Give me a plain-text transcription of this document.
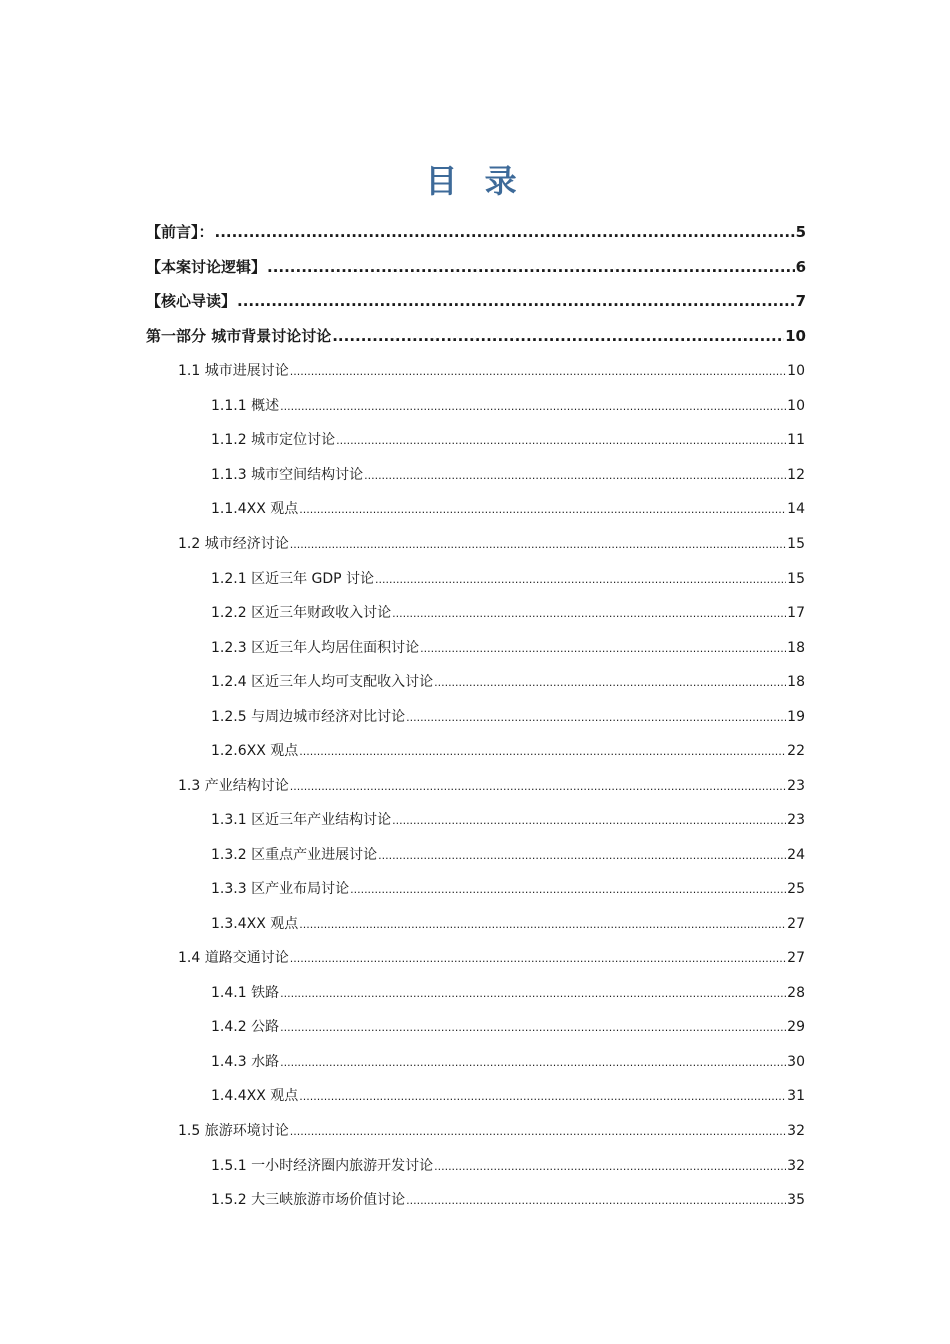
目 录
【前言】： .....	5
【本案讨论逻辑】 .....	6
【核心导读】 .....	7
第一部分 城市背景讨论讨论 .....	10
1.1 城市进展讨论 .....	10
1.1.1 概述 .....	10
1.1.2 城市定位讨论 .....	11
1.1.3 城市空间结构讨论 .....	12
1.1.4XX 观点 .....	14
1.2 城市经济讨论 .....	15
1.2.1 区近三年 GDP 讨论 .....	15
1.2.2 区近三年财政收入讨论 .....	17
1.2.3 区近三年人均居住面积讨论 .....	18
1.2.4 区近三年人均可支配收入讨论 .....	18
1.2.5 与周边城市经济对比讨论 .....	19
1.2.6XX 观点 .....	22
1.3 产业结构讨论 .....	23
1.3.1 区近三年产业结构讨论 .....	23
1.3.2 区重点产业进展讨论 .....	24
1.3.3 区产业布局讨论 .....	25
1.3.4XX 观点 .....	27
1.4 道路交通讨论 .....	27
1.4.1 铁路 .....	28
1.4.2 公路 .....	29
1.4.3 水路 .....	30
1.4.4XX 观点 .....	31
1.5 旅游环境讨论 .....	32
1.5.1 一小时经济圈内旅游开发讨论 .....	32
1.5.2 大三峡旅游市场价值讨论 .....	35
